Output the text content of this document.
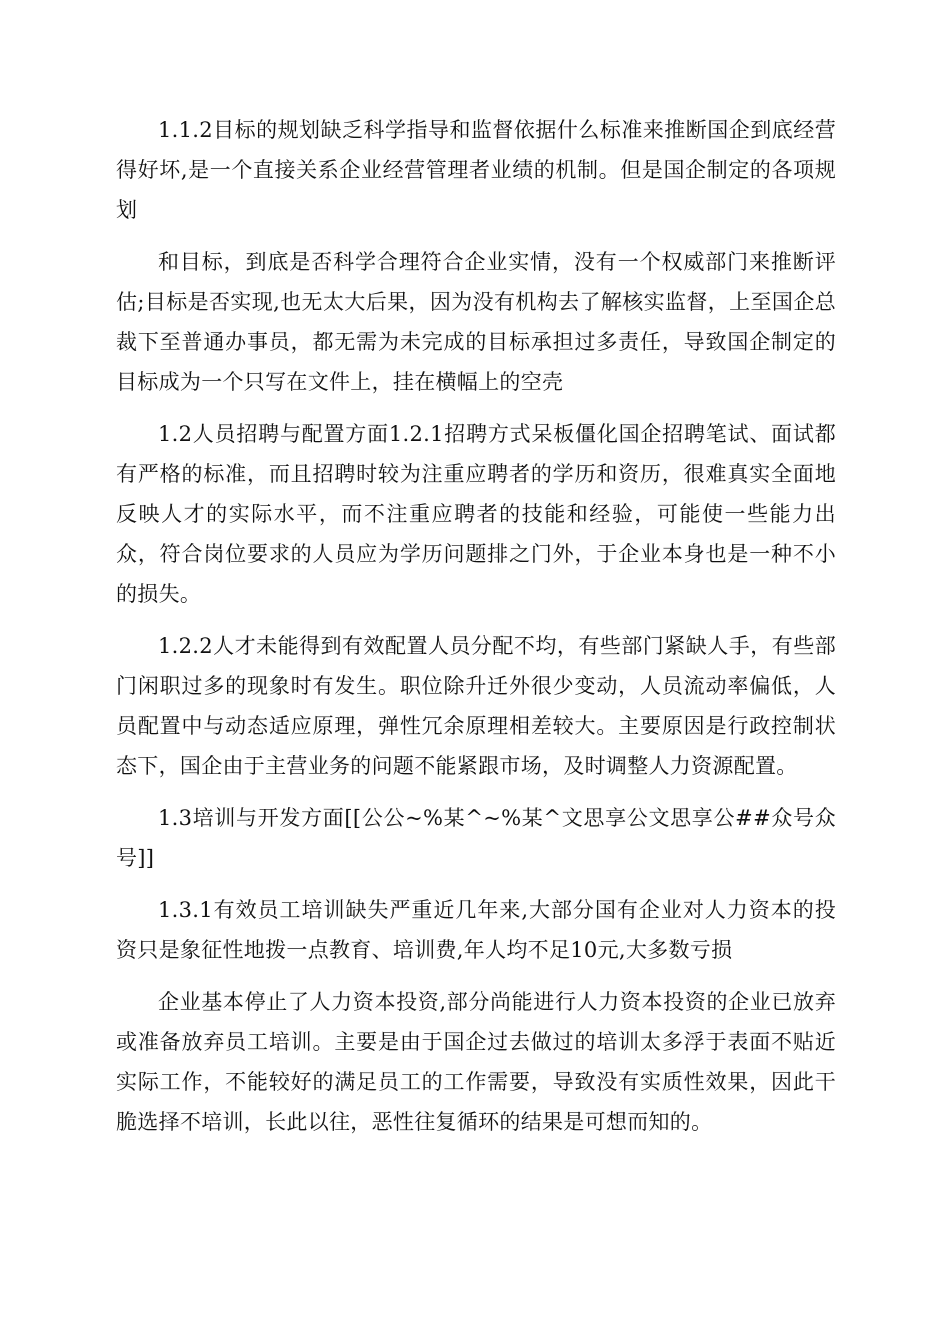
1.1.2目标的规划缺乏科学指导和监督依据什么标准来推断国企到底经营得好坏,是一个直接关系企业经营管理者业绩的机制。但是国企制定的各项规划

和目标，到底是否科学合理符合企业实情，没有一个权威部门来推断评估;目标是否实现,也无太大后果，因为没有机构去了解核实监督，上至国企总裁下至普通办事员，都无需为未完成的目标承担过多责任，导致国企制定的目标成为一个只写在文件上，挂在横幅上的空壳

1.2人员招聘与配置方面1.2.1招聘方式呆板僵化国企招聘笔试、面试都有严格的标准，而且招聘时较为注重应聘者的学历和资历，很难真实全面地反映人才的实际水平，而不注重应聘者的技能和经验，可能使一些能力出众，符合岗位要求的人员应为学历问题排之门外，于企业本身也是一种不小的损失。

1.2.2人才未能得到有效配置人员分配不均，有些部门紧缺人手，有些部门闲职过多的现象时有发生。职位除升迁外很少变动，人员流动率偏低，人员配置中与动态适应原理，弹性冗余原理相差较大。主要原因是行政控制状态下，国企由于主营业务的问题不能紧跟市场，及时调整人力资源配置。

1.3培训与开发方面[[公公~%某^~%某^文思享公文思享公##众号众号]]

1.3.1有效员工培训缺失严重近几年来,大部分国有企业对人力资本的投资只是象征性地拨一点教育、培训费,年人均不足10元,大多数亏损

企业基本停止了人力资本投资,部分尚能进行人力资本投资的企业已放弃或准备放弃员工培训。主要是由于国企过去做过的培训太多浮于表面不贴近实际工作，不能较好的满足员工的工作需要，导致没有实质性效果，因此干脆选择不培训，长此以往，恶性往复循环的结果是可想而知的。
